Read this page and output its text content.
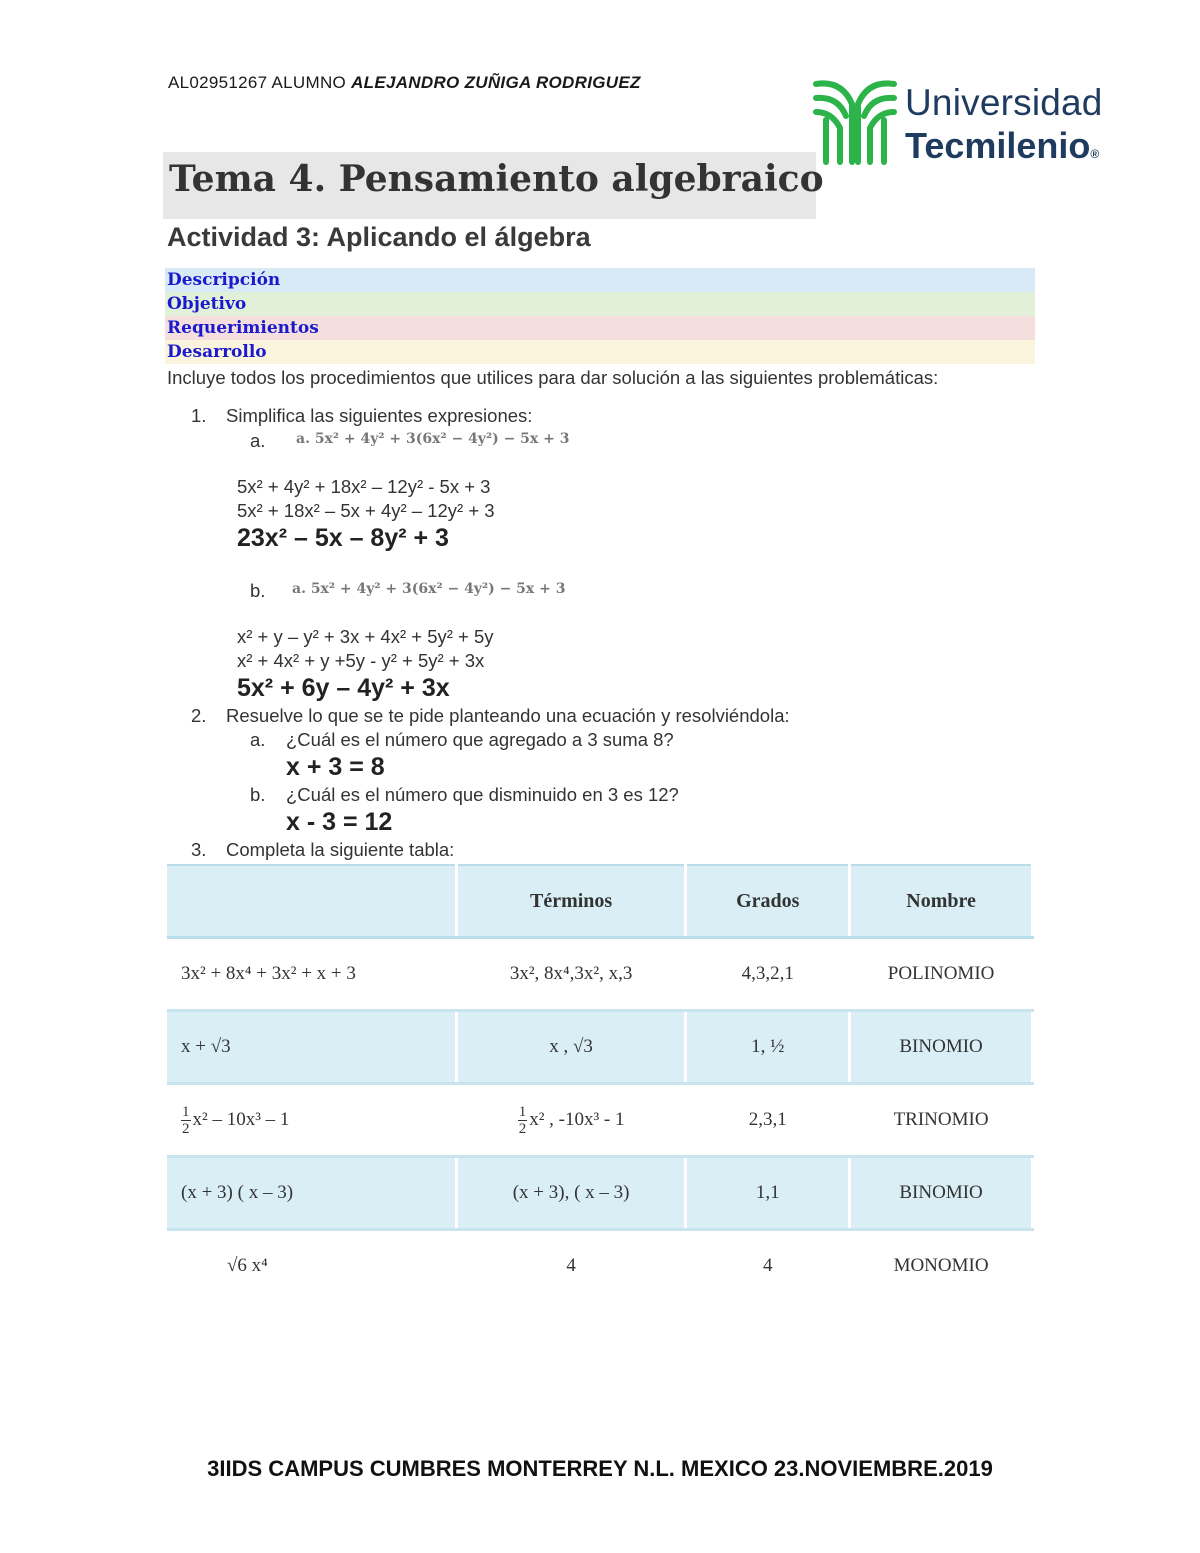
AL02951267 ALUMNO ALEJANDRO ZUÑIGA RODRIGUEZ	Universidad
Tecmilenio®
Tema 4. Pensamiento algebraico
Actividad 3: Aplicando el álgebra
Descripción
Objetivo
Requerimientos
Desarrollo
Incluye todos los procedimientos que utilices para dar solución a las siguientes problemáticas:
1. Simplifica las siguientes expresiones:
a. a. 5x² + 4y² + 3(6x² − 4y²) − 5x + 3
5x² + 4y² + 18x² – 12y² - 5x + 3
5x² + 18x² – 5x + 4y² – 12y² + 3
23x² – 5x – 8y² + 3
b. a. 5x² + 4y² + 3(6x² − 4y²) − 5x + 3
x² + y – y² + 3x + 4x² + 5y² + 5y
x² + 4x² + y +5y - y² + 5y² + 3x
5x² + 6y – 4y² + 3x
2. Resuelve lo que se te pide planteando una ecuación y resolviéndola:
a. ¿Cuál es el número que agregado a 3 suma 8?
x + 3 = 8
b. ¿Cuál es el número que disminuido en 3 es 12?
x - 3 = 12
3. Completa la siguiente tabla:
	Términos	Grados	Nombre
3x² + 8x⁴ + 3x² + x + 3	3x², 8x⁴,3x², x,3	4,3,2,1	POLINOMIO
x + √3	x , √3	1, ½	BINOMIO

$\frac{1}{2} x^2 - 10x^3 - 1$	$\frac{1}{2} x^2$ , -10x³ - 1	2,3,1	TRINOMIO
(x + 3) ( x – 3)	(x + 3), ( x – 3)	1,1	BINOMIO
√6 x⁴	4	4	MONOMIO
3IIDS CAMPUS CUMBRES MONTERREY N.L. MEXICO 23.NOVIEMBRE.2019
